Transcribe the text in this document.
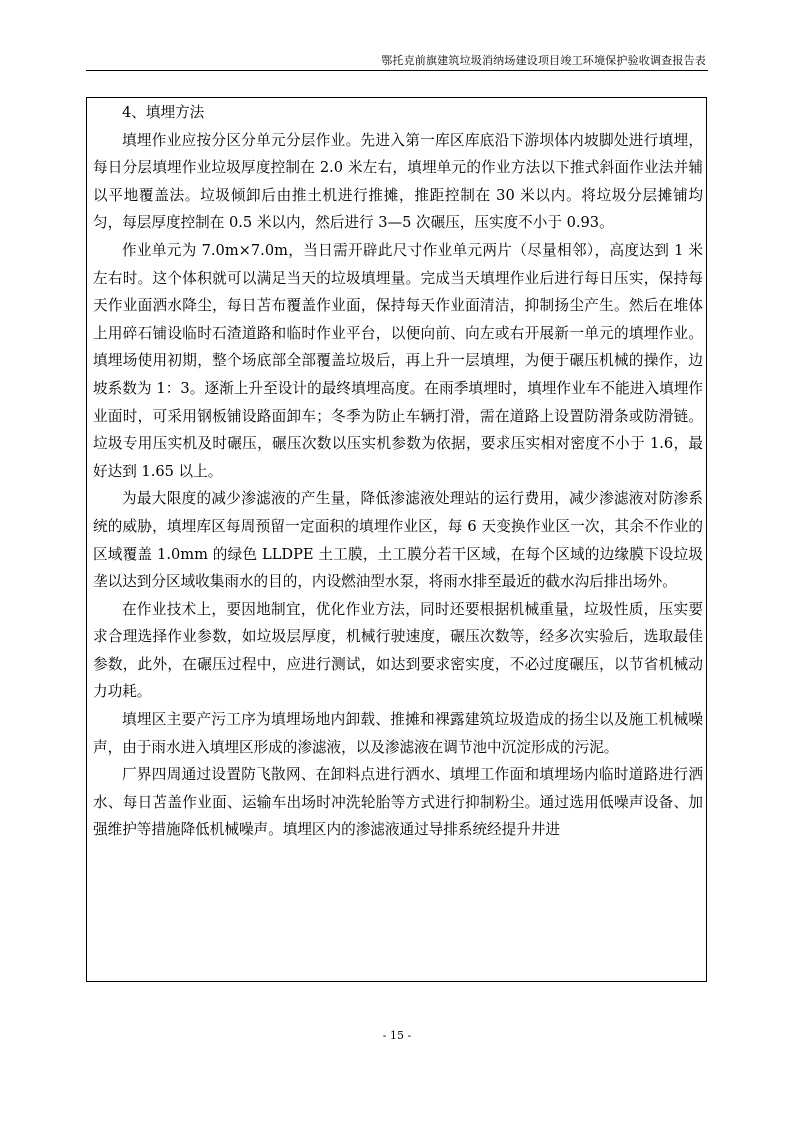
鄂托克前旗建筑垃圾消纳场建设项目竣工环境保护验收调查报告表

4、填埋方法

填埋作业应按分区分单元分层作业。先进入第一库区库底沿下游坝体内坡脚处进行填埋，每日分层填埋作业垃圾厚度控制在 2.0 米左右，填埋单元的作业方法以下推式斜面作业法并辅以平地覆盖法。垃圾倾卸后由推土机进行推摊，推距控制在 30 米以内。将垃圾分层摊铺均匀，每层厚度控制在 0.5 米以内，然后进行 3—5 次碾压，压实度不小于 0.93。

作业单元为 7.0m×7.0m，当日需开辟此尺寸作业单元两片（尽量相邻），高度达到 1 米左右时。这个体积就可以满足当天的垃圾填埋量。完成当天填埋作业后进行每日压实，保持每天作业面洒水降尘，每日苫布覆盖作业面，保持每天作业面清洁，抑制扬尘产生。然后在堆体上用碎石铺设临时石渣道路和临时作业平台，以便向前、向左或右开展新一单元的填埋作业。填埋场使用初期，整个场底部全部覆盖垃圾后，再上升一层填埋，为便于碾压机械的操作，边坡系数为 1：3。逐渐上升至设计的最终填埋高度。在雨季填埋时，填埋作业车不能进入填埋作业面时，可采用钢板铺设路面卸车；冬季为防止车辆打滑，需在道路上设置防滑条或防滑链。垃圾专用压实机及时碾压，碾压次数以压实机参数为依据，要求压实相对密度不小于 1.6，最好达到 1.65 以上。

为最大限度的减少渗滤液的产生量，降低渗滤液处理站的运行费用，减少渗滤液对防渗系统的威胁，填埋库区每周预留一定面积的填埋作业区，每 6 天变换作业区一次，其余不作业的区域覆盖 1.0mm 的绿色 LLDPE 土工膜，土工膜分若干区域，在每个区域的边缘膜下设垃圾垄以达到分区域收集雨水的目的，内设燃油型水泵，将雨水排至最近的截水沟后排出场外。

在作业技术上，要因地制宜，优化作业方法，同时还要根据机械重量，垃圾性质，压实要求合理选择作业参数，如垃圾层厚度，机械行驶速度，碾压次数等，经多次实验后，选取最佳参数，此外，在碾压过程中，应进行测试，如达到要求密实度，不必过度碾压，以节省机械动力功耗。

填埋区主要产污工序为填埋场地内卸载、推摊和裸露建筑垃圾造成的扬尘以及施工机械噪声，由于雨水进入填埋区形成的渗滤液，以及渗滤液在调节池中沉淀形成的污泥。

厂界四周通过设置防飞散网、在卸料点进行洒水、填埋工作面和填埋场内临时道路进行洒水、每日苫盖作业面、运输车出场时冲洗轮胎等方式进行抑制粉尘。通过选用低噪声设备、加强维护等措施降低机械噪声。填埋区内的渗滤液通过导排系统经提升井进

- 15 -
